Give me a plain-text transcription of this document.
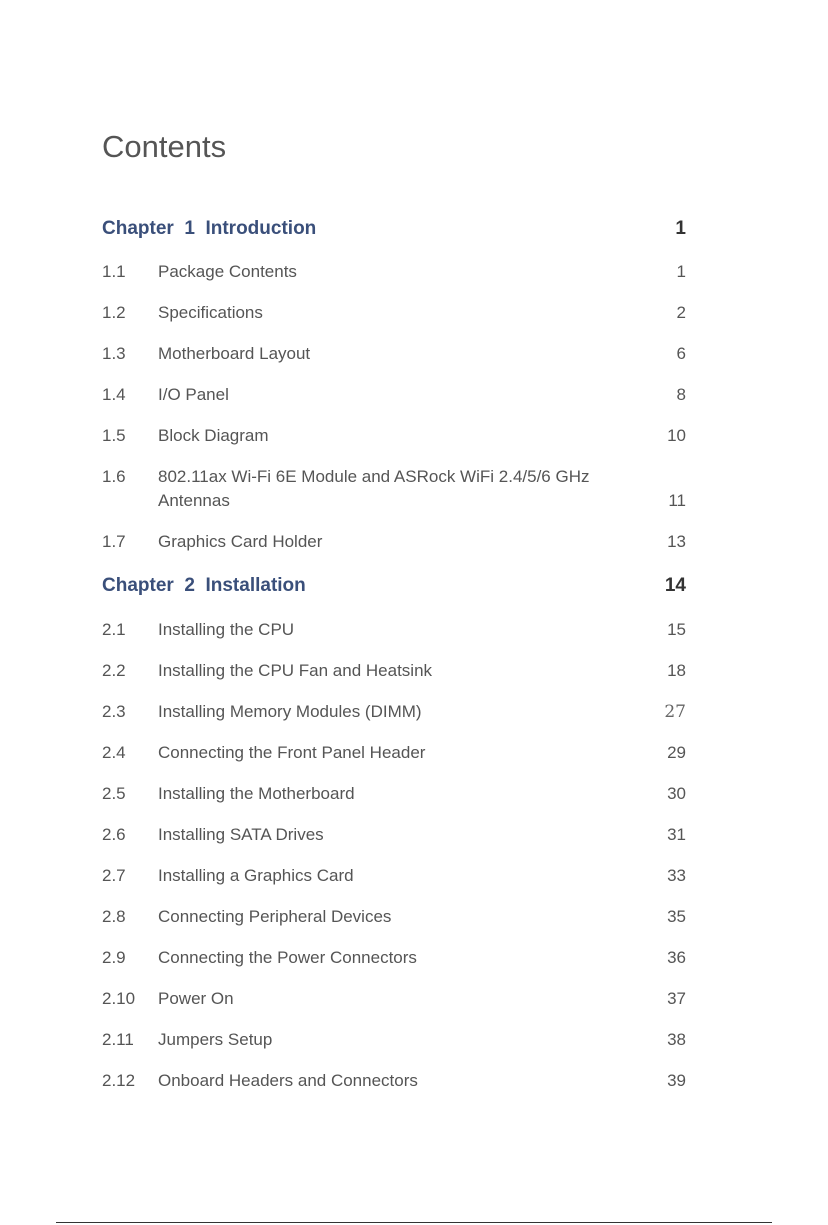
Contents
Chapter  1  Introduction	1
1.1 Package Contents	1
1.2 Specifications	2
1.3 Motherboard Layout	6
1.4 I/O Panel	8
1.5 Block Diagram	10
1.6 802.11ax Wi-Fi 6E Module and ASRock WiFi 2.4/5/6 GHz
Antennas	11
1.7 Graphics Card Holder	13
Chapter  2  Installation	14
2.1 Installing the CPU	15
2.2 Installing the CPU Fan and Heatsink	18
2.3 Installing Memory Modules (DIMM)	27
2.4 Connecting the Front Panel Header	29
2.5 Installing the Motherboard	30
2.6 Installing SATA Drives	31
2.7 Installing a Graphics Card	33
2.8 Connecting Peripheral Devices	35
2.9 Connecting the Power Connectors	36
2.10 Power On	37
2.11 Jumpers Setup	38
2.12 Onboard Headers and Connectors	39
